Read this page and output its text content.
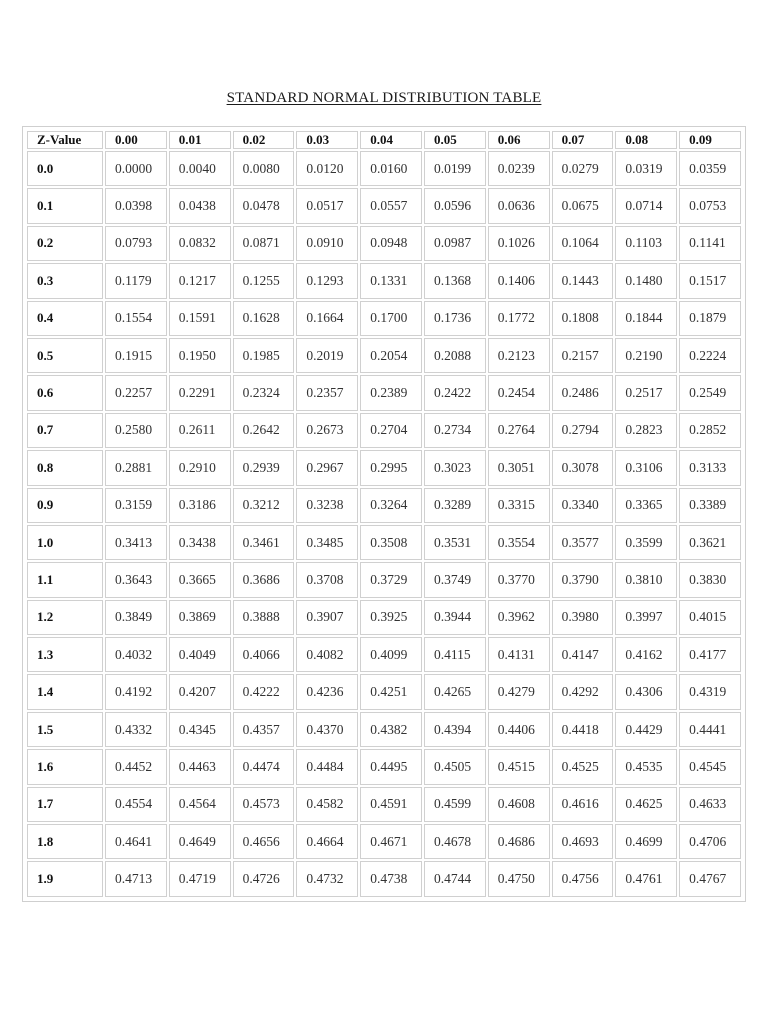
STANDARD NORMAL DISTRIBUTION TABLE
Z-Value	0.00	0.01	0.02	0.03	0.04	0.05	0.06	0.07	0.08	0.09
0.0	0.0000	0.0040	0.0080	0.0120	0.0160	0.0199	0.0239	0.0279	0.0319	0.0359
0.1	0.0398	0.0438	0.0478	0.0517	0.0557	0.0596	0.0636	0.0675	0.0714	0.0753
0.2	0.0793	0.0832	0.0871	0.0910	0.0948	0.0987	0.1026	0.1064	0.1103	0.1141
0.3	0.1179	0.1217	0.1255	0.1293	0.1331	0.1368	0.1406	0.1443	0.1480	0.1517
0.4	0.1554	0.1591	0.1628	0.1664	0.1700	0.1736	0.1772	0.1808	0.1844	0.1879
0.5	0.1915	0.1950	0.1985	0.2019	0.2054	0.2088	0.2123	0.2157	0.2190	0.2224
0.6	0.2257	0.2291	0.2324	0.2357	0.2389	0.2422	0.2454	0.2486	0.2517	0.2549
0.7	0.2580	0.2611	0.2642	0.2673	0.2704	0.2734	0.2764	0.2794	0.2823	0.2852
0.8	0.2881	0.2910	0.2939	0.2967	0.2995	0.3023	0.3051	0.3078	0.3106	0.3133
0.9	0.3159	0.3186	0.3212	0.3238	0.3264	0.3289	0.3315	0.3340	0.3365	0.3389
1.0	0.3413	0.3438	0.3461	0.3485	0.3508	0.3531	0.3554	0.3577	0.3599	0.3621
1.1	0.3643	0.3665	0.3686	0.3708	0.3729	0.3749	0.3770	0.3790	0.3810	0.3830
1.2	0.3849	0.3869	0.3888	0.3907	0.3925	0.3944	0.3962	0.3980	0.3997	0.4015
1.3	0.4032	0.4049	0.4066	0.4082	0.4099	0.4115	0.4131	0.4147	0.4162	0.4177
1.4	0.4192	0.4207	0.4222	0.4236	0.4251	0.4265	0.4279	0.4292	0.4306	0.4319
1.5	0.4332	0.4345	0.4357	0.4370	0.4382	0.4394	0.4406	0.4418	0.4429	0.4441
1.6	0.4452	0.4463	0.4474	0.4484	0.4495	0.4505	0.4515	0.4525	0.4535	0.4545
1.7	0.4554	0.4564	0.4573	0.4582	0.4591	0.4599	0.4608	0.4616	0.4625	0.4633
1.8	0.4641	0.4649	0.4656	0.4664	0.4671	0.4678	0.4686	0.4693	0.4699	0.4706
1.9	0.4713	0.4719	0.4726	0.4732	0.4738	0.4744	0.4750	0.4756	0.4761	0.4767
